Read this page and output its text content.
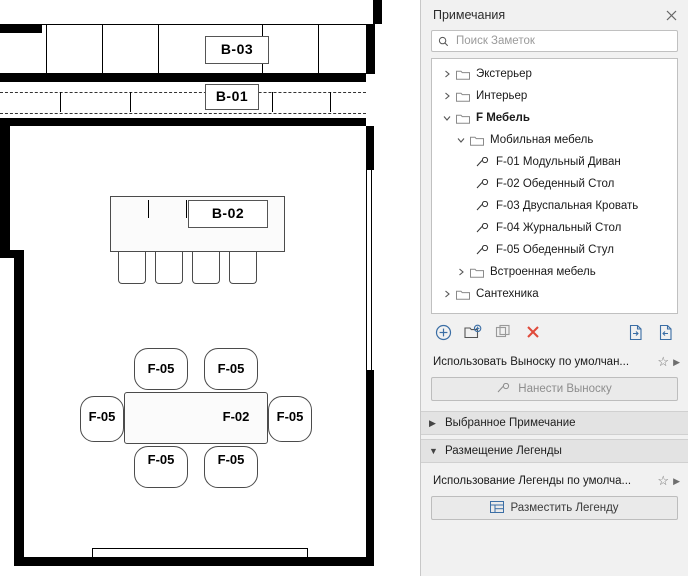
B-03
B-01
B-02
F-02
F-05	F-05
F-05	F-05
F-05	F-05
Примечания
Поиск Заметок
Экстерьер
Интерьер
F Мебель
Мобильная мебель
F-01 Модульный Диван
F-02 Обеденный Стол
F-03 Двуспальная Кровать
F-04 Журнальный Стол
F-05 Обеденный Стул
Встроенная мебель
Сантехника
Использовать Выноску по умолчан...	☆ ▶
Нанести Выноску
▶ Выбранное Примечание
▼ Размещение Легенды
Использование Легенды по умолча...	☆ ▶
Разместить Легенду
